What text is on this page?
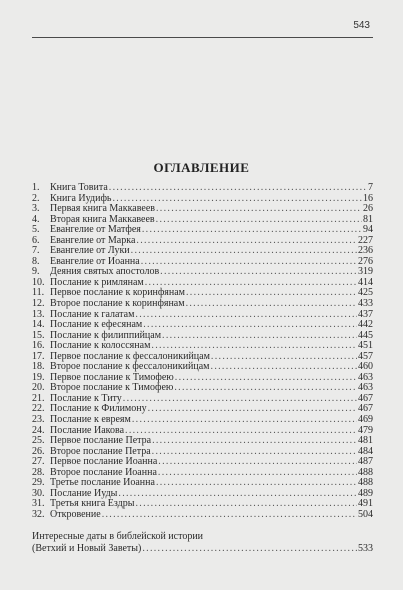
543
ОГЛАВЛЕНИЕ
1.	Книга Товита . . .	7
2.	Книга Иудифь . . .	16
3.	Первая книга Маккавеев . . .	26
4.	Вторая книга Маккавеев . . .	81
5.	Евангелие от Матфея . . .	94
6.	Евангелие от Марка . . .	227
7.	Евангелие от Луки . . .	236
8.	Евангелие от Иоанна . . .	276
9.	Деяния святых апостолов . . .	319
10. Послание к римлянам . . .	414
11. Первое послание к коринфянам . . .	425
12. Второе послание к коринфянам . . .	433
13. Послание к галатам . . .	437
14. Послание к ефесянам . . .	442
15. Послание к филиппийцам . . .	445
16. Послание к колоссянам . . .	451
17. Первое послание к фессалоникийцам . . .	457
18. Второе послание к фессалоникийцам . . .	460
19. Первое послание к Тимофею . . .	463
20. Второе послание к Тимофею . . .	463
21. Послание к Титу . . .	467
22. Послание к Филимону . . .	467
23. Послание к евреям . . .	469
24. Послание Иакова . . .	479
25. Первое послание Петра . . .	481
26. Второе послание Петра . . .	484
27. Первое послание Иоанна . . .	487
28. Второе послание Иоанна . . .	488
29. Третье послание Иоанна . . .	488
30. Послание Иуды . . .	489
31. Третья книга Ездры . . .	491
32. Откровение . . .	504
Интересные даты в библейской истории
(Ветхий и Новый Заветы) . . .	533
